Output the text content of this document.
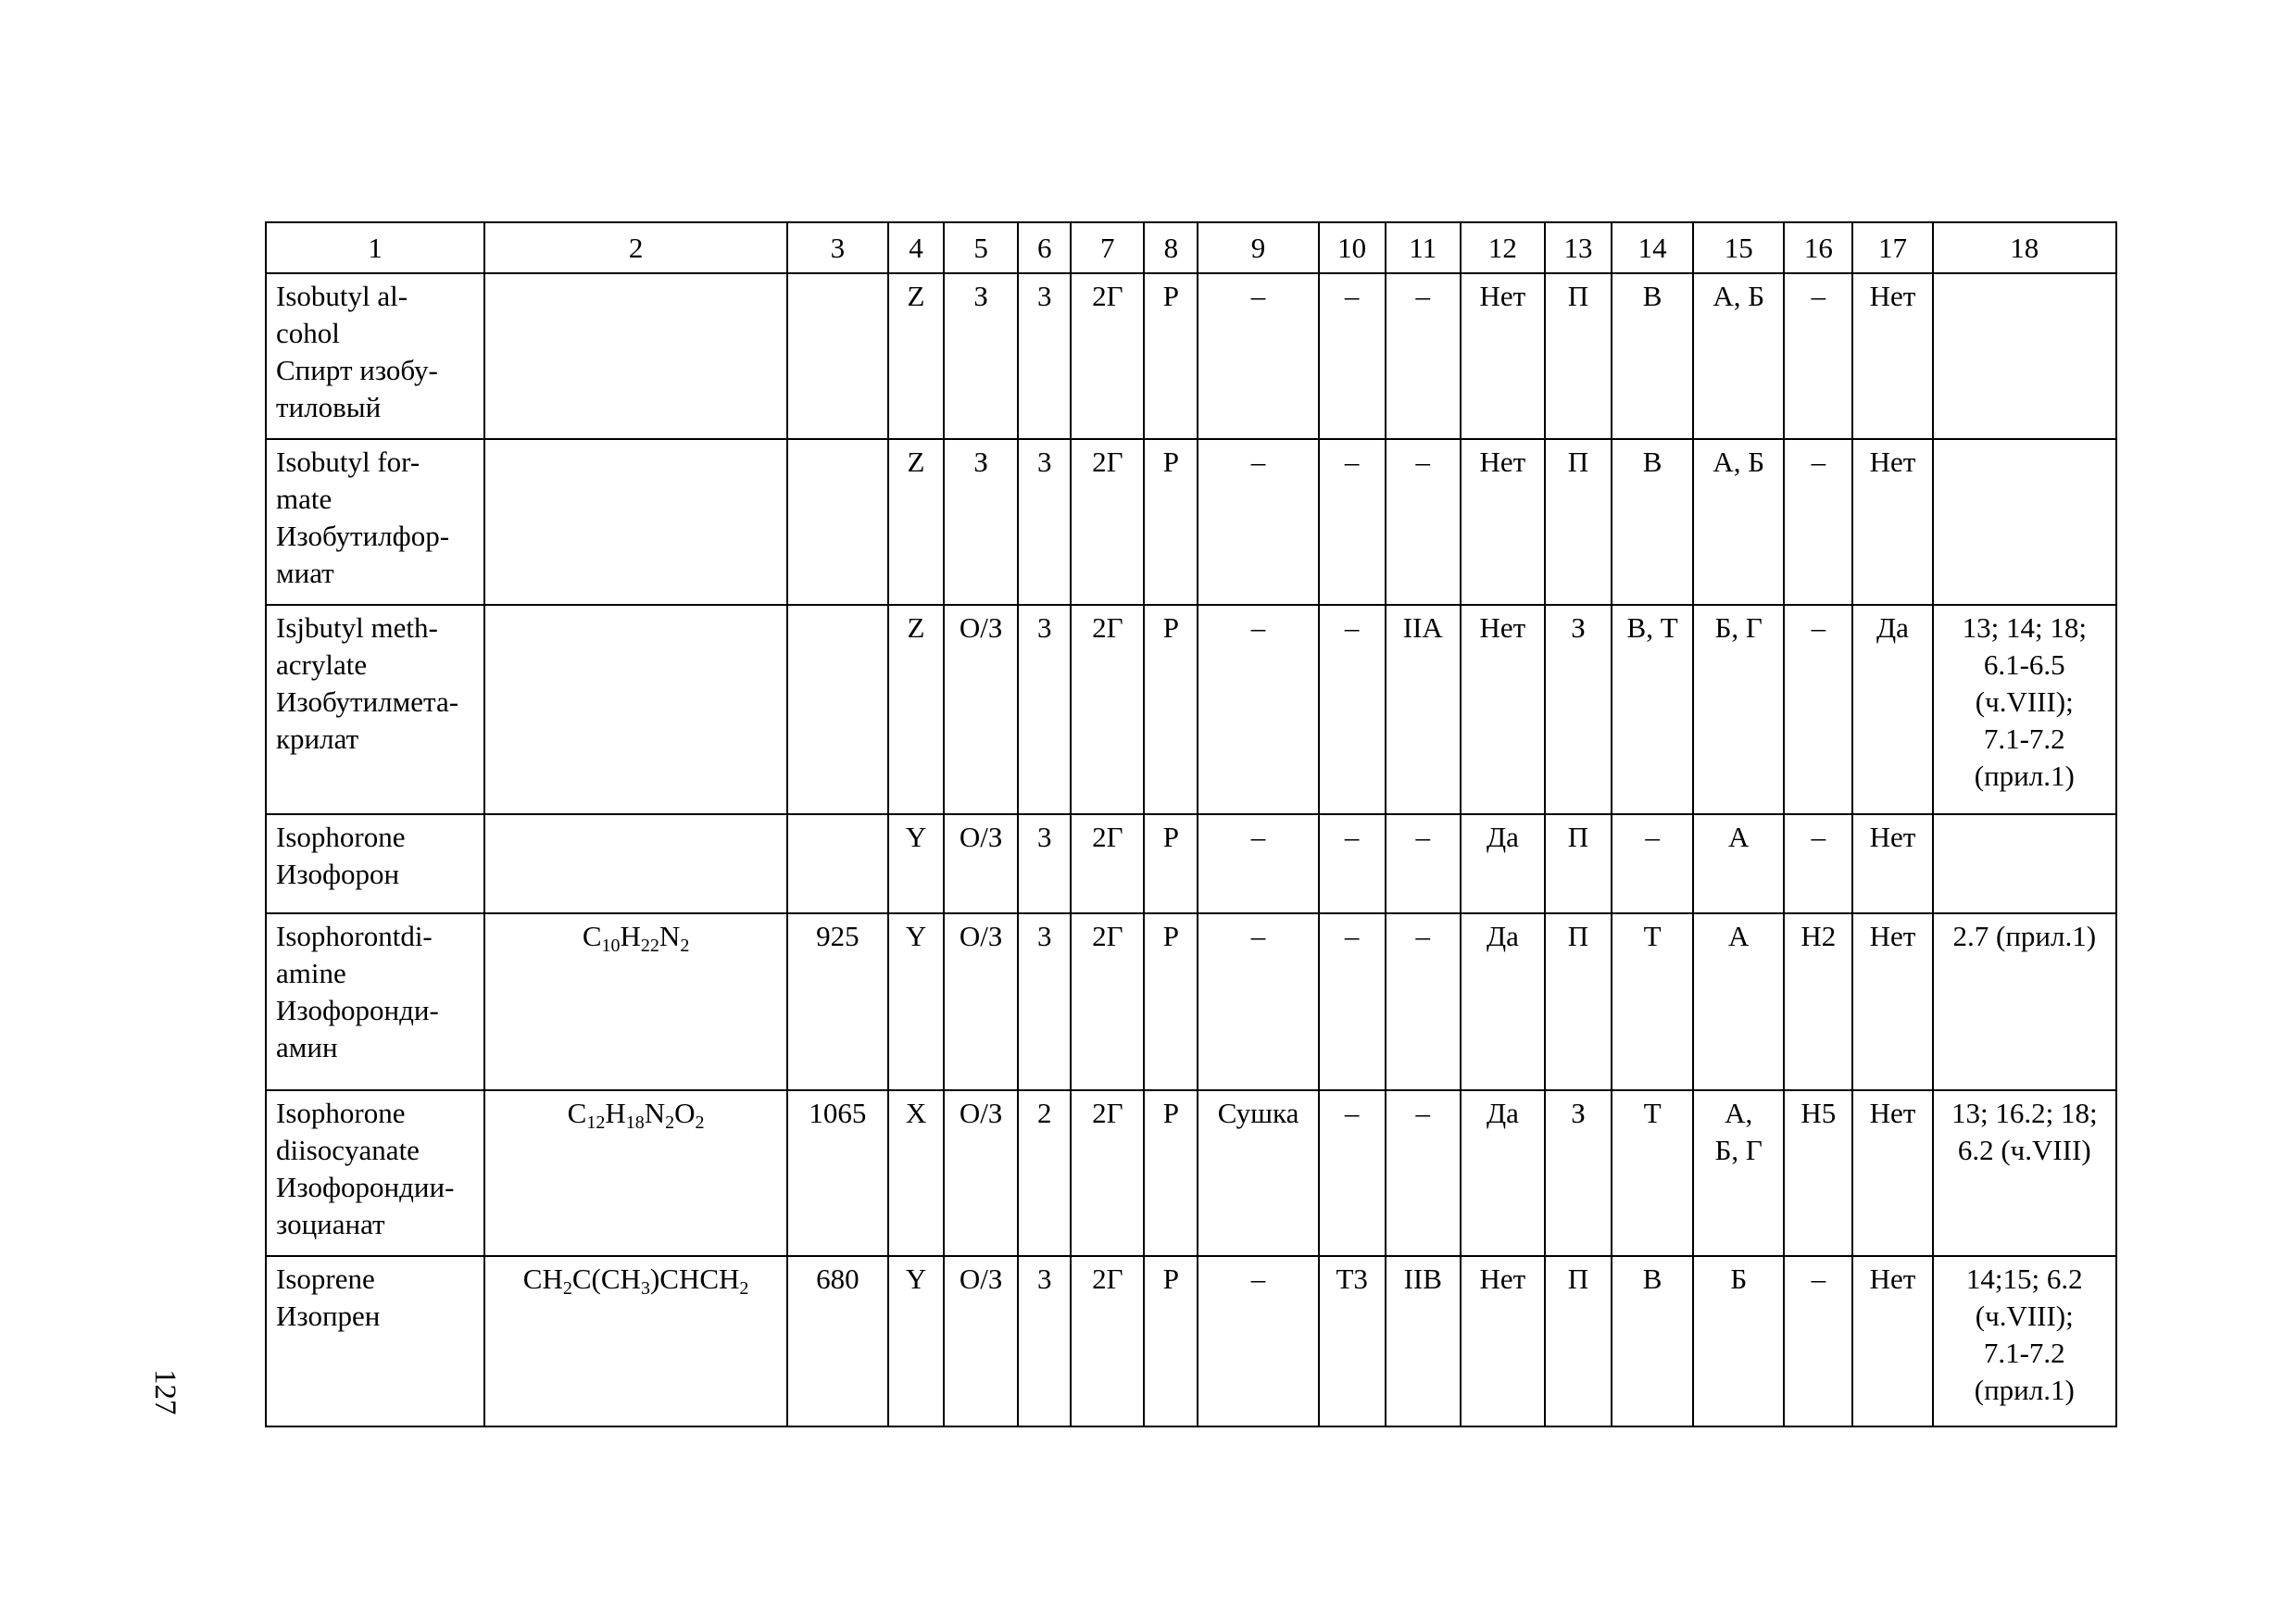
127
1	2	3	4	5	6	7	8	9	10	11	12	13	14	15	16	17	18

Isobutyl al-
cohol
Спирт изобу-
тиловый			Z	З	3	2Г	Р	–	–	–	Нет	П	В	А, Б	–	Нет	

Isobutyl for-
mate
Изобутилфор-
миат			Z	З	3	2Г	Р	–	–	–	Нет	П	В	А, Б	–	Нет	

Isjbutyl meth-
acrylate
Изобутилмета-
крилат			Z	О/З	3	2Г	Р	–	–	IIA	Нет	З	В, Т	Б, Г	–	Да	13; 14; 18;
6.1-6.5
(ч.VIII);
7.1-7.2
(прил.1)

Isophorone
Изофорон			Y	О/З	3	2Г	Р	–	–	–	Да	П	–	А	–	Нет	

Isophorontdi-
amine
Изофоронди-
амин	$C_{10}H_{22}N_2$	925	Y	О/З	3	2Г	Р	–	–	–	Да	П	Т	А	Н2	Нет	2.7 (прил.1)

Isophorone
diisocyanate
Изофорондии-
зоцианат	$C_{12}H_{18}N_2O_2$	1065	X	О/З	2	2Г	Р	Сушка	–	–	Да	З	Т	А,
Б, Г	Н5	Нет	13; 16.2; 18;
6.2 (ч.VIII)

Isoprene
Изопрен	$CH_2C(CH_3)CHCH_2$	680	Y	О/З	3	2Г	Р	–	Т3	IIВ	Нет	П	В	Б	–	Нет	14;15; 6.2
(ч.VIII);
7.1-7.2
(прил.1)
